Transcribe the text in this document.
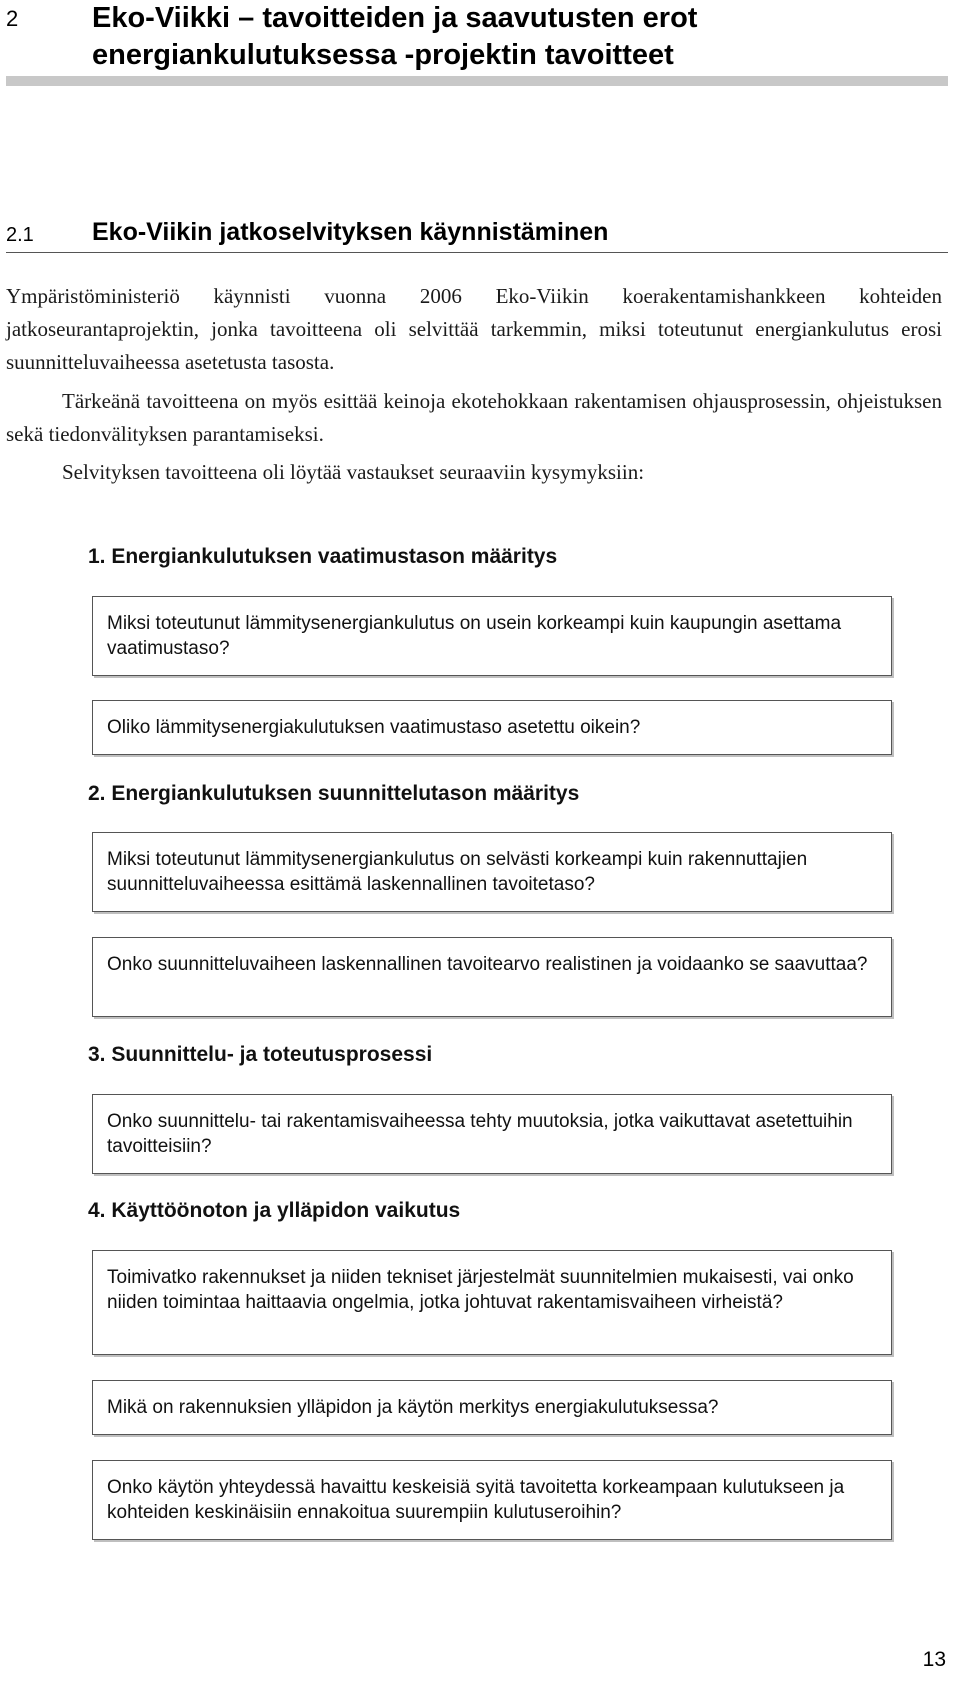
2	Eko-Viikki – tavoitteiden ja saavutusten erot energiankulutuksessa -projektin tavoitteet
2.1 Eko-Viikin jatkoselvityksen käynnistäminen
Ympäristöministeriö käynnisti vuonna 2006 Eko-Viikin koerakentamishankkeen kohteiden jatkoseurantaprojektin, jonka tavoitteena oli selvittää tarkemmin, miksi toteutunut energiankulutus erosi suunnitteluvaiheessa asetetusta tasosta.
Tärkeänä tavoitteena on myös esittää keinoja ekotehokkaan rakentamisen ohjausprosessin, ohjeistuksen sekä tiedonvälityksen parantamiseksi.
Selvityksen tavoitteena oli löytää vastaukset seuraaviin kysymyksiin:
1. Energiankulutuksen vaatimustason määritys
Miksi toteutunut lämmitysenergiankulutus on usein korkeampi kuin kaupungin asettama vaatimustaso?
Oliko lämmitysenergiakulutuksen vaatimustaso asetettu oikein?
2. Energiankulutuksen suunnittelutason määritys
Miksi toteutunut lämmitysenergiankulutus on selvästi korkeampi kuin rakennuttajien suunnitteluvaiheessa esittämä laskennallinen tavoitetaso?
Onko suunnitteluvaiheen laskennallinen tavoitearvo realistinen ja voidaanko se saavuttaa?
3. Suunnittelu- ja toteutusprosessi
Onko suunnittelu- tai rakentamisvaiheessa tehty muutoksia, jotka vaikuttavat asetettuihin tavoitteisiin?
4. Käyttöönoton ja ylläpidon vaikutus
Toimivatko rakennukset ja niiden tekniset järjestelmät suunnitelmien mukaisesti, vai onko niiden toimintaa haittaavia ongelmia, jotka johtuvat rakentamisvaiheen virheistä?
Mikä on rakennuksien ylläpidon ja käytön merkitys energiakulutuksessa?
Onko käytön yhteydessä havaittu keskeisiä syitä tavoitetta korkeampaan kulutukseen ja kohteiden keskinäisiin ennakoitua suurempiin kulutuseroihin?
13
